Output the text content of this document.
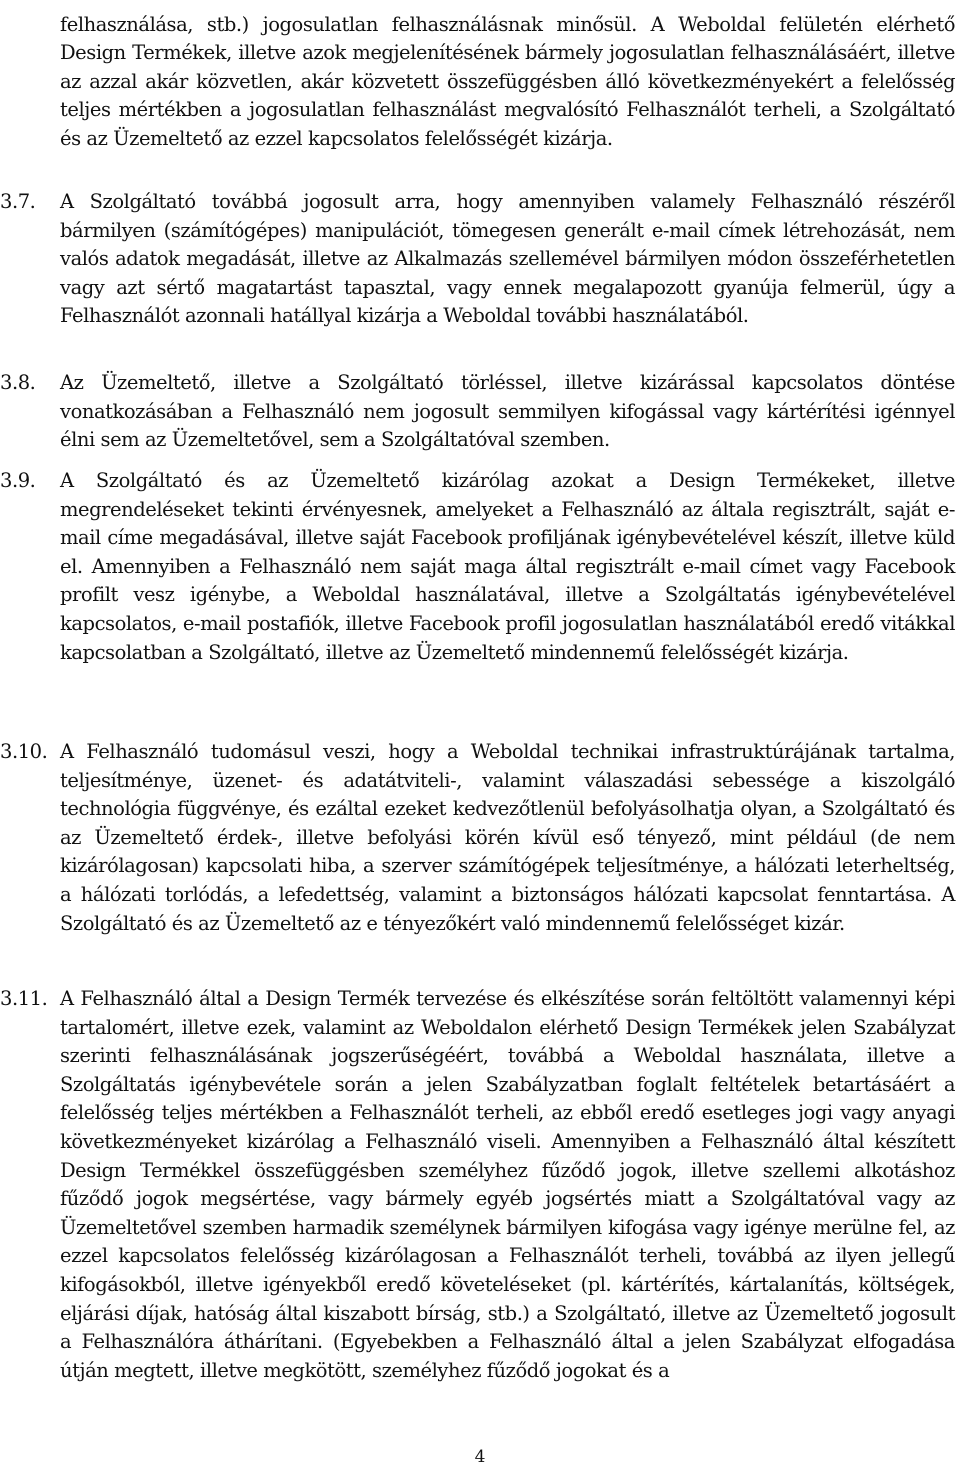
felhasználása, stb.) jogosulatlan felhasználásnak minősül. A Weboldal felületén elérhető Design Termékek, illetve azok megjelenítésének bármely jogosulatlan felhasználásáért, illetve az azzal akár közvetlen, akár közvetett összefüggésben álló következményekért a felelősség teljes mértékben a jogosulatlan felhasználást megvalósító Felhasználót terheli, a Szolgáltató és az Üzemeltető az ezzel kapcsolatos felelősségét kizárja.

3.7.	A Szolgáltató továbbá jogosult arra, hogy amennyiben valamely Felhasználó részéről bármilyen (számítógépes) manipulációt, tömegesen generált e-mail címek létrehozását, nem valós adatok megadását, illetve az Alkalmazás szellemével bármilyen módon összeférhetetlen vagy azt sértő magatartást tapasztal, vagy ennek megalapozott gyanúja felmerül, úgy a Felhasználót azonnali hatállyal kizárja a Weboldal további használatából.
3.8.	Az Üzemeltető, illetve a Szolgáltató törléssel, illetve kizárással kapcsolatos döntése vonatkozásában a Felhasználó nem jogosult semmilyen kifogással vagy kártérítési igénnyel élni sem az Üzemeltetővel, sem a Szolgáltatóval szemben.
3.9.	A Szolgáltató és az Üzemeltető kizárólag azokat a Design Termékeket, illetve megrendeléseket tekinti érvényesnek, amelyeket a Felhasználó az általa regisztrált, saját e-mail címe megadásával, illetve saját Facebook profiljának igénybevételével készít, illetve küld el. Amennyiben a Felhasználó nem saját maga által regisztrált e-mail címet vagy Facebook profilt vesz igénybe, a Weboldal használatával, illetve a Szolgáltatás igénybevételével kapcsolatos, e-mail postafiók, illetve Facebook profil jogosulatlan használatából eredő vitákkal kapcsolatban a Szolgáltató, illetve az Üzemeltető mindennemű felelősségét kizárja.
3.10. A Felhasználó tudomásul veszi, hogy a Weboldal technikai infrastruktúrájának tartalma, teljesítménye, üzenet- és adatátviteli-, valamint válaszadási sebessége a kiszolgáló technológia függvénye, és ezáltal ezeket kedvezőtlenül befolyásolhatja olyan, a Szolgáltató és az Üzemeltető érdek-, illetve befolyási körén kívül eső tényező, mint például (de nem kizárólagosan) kapcsolati hiba, a szerver számítógépek teljesítménye, a hálózati leterheltség, a hálózati torlódás, a lefedettség, valamint a biztonságos hálózati kapcsolat fenntartása. A Szolgáltató és az Üzemeltető az e tényezőkért való mindennemű felelősséget kizár.
3.11. A Felhasználó által a Design Termék tervezése és elkészítése során feltöltött valamennyi képi tartalomért, illetve ezek, valamint az Weboldalon elérhető Design Termékek jelen Szabályzat szerinti felhasználásának jogszerűségéért, továbbá a Weboldal használata, illetve a Szolgáltatás igénybevétele során a jelen Szabályzatban foglalt feltételek betartásáért a felelősség teljes mértékben a Felhasználót terheli, az ebből eredő esetleges jogi vagy anyagi következményeket kizárólag a Felhasználó viseli. Amennyiben a Felhasználó által készített Design Termékkel összefüggésben személyhez fűződő jogok, illetve szellemi alkotáshoz fűződő jogok megsértése, vagy bármely egyéb jogsértés miatt a Szolgáltatóval vagy az Üzemeltetővel szemben harmadik személynek bármilyen kifogása vagy igénye merülne fel, az ezzel kapcsolatos felelősség kizárólagosan a Felhasználót terheli, továbbá az ilyen jellegű kifogásokból, illetve igényekből eredő követeléseket (pl. kártérítés, kártalanítás, költségek, eljárási díjak, hatóság által kiszabott bírság, stb.) a Szolgáltató, illetve az Üzemeltető jogosult a Felhasználóra áthárítani. (Egyebekben a Felhasználó által a jelen Szabályzat elfogadása útján megtett, illetve megkötött, személyhez fűződő jogokat és a
4
